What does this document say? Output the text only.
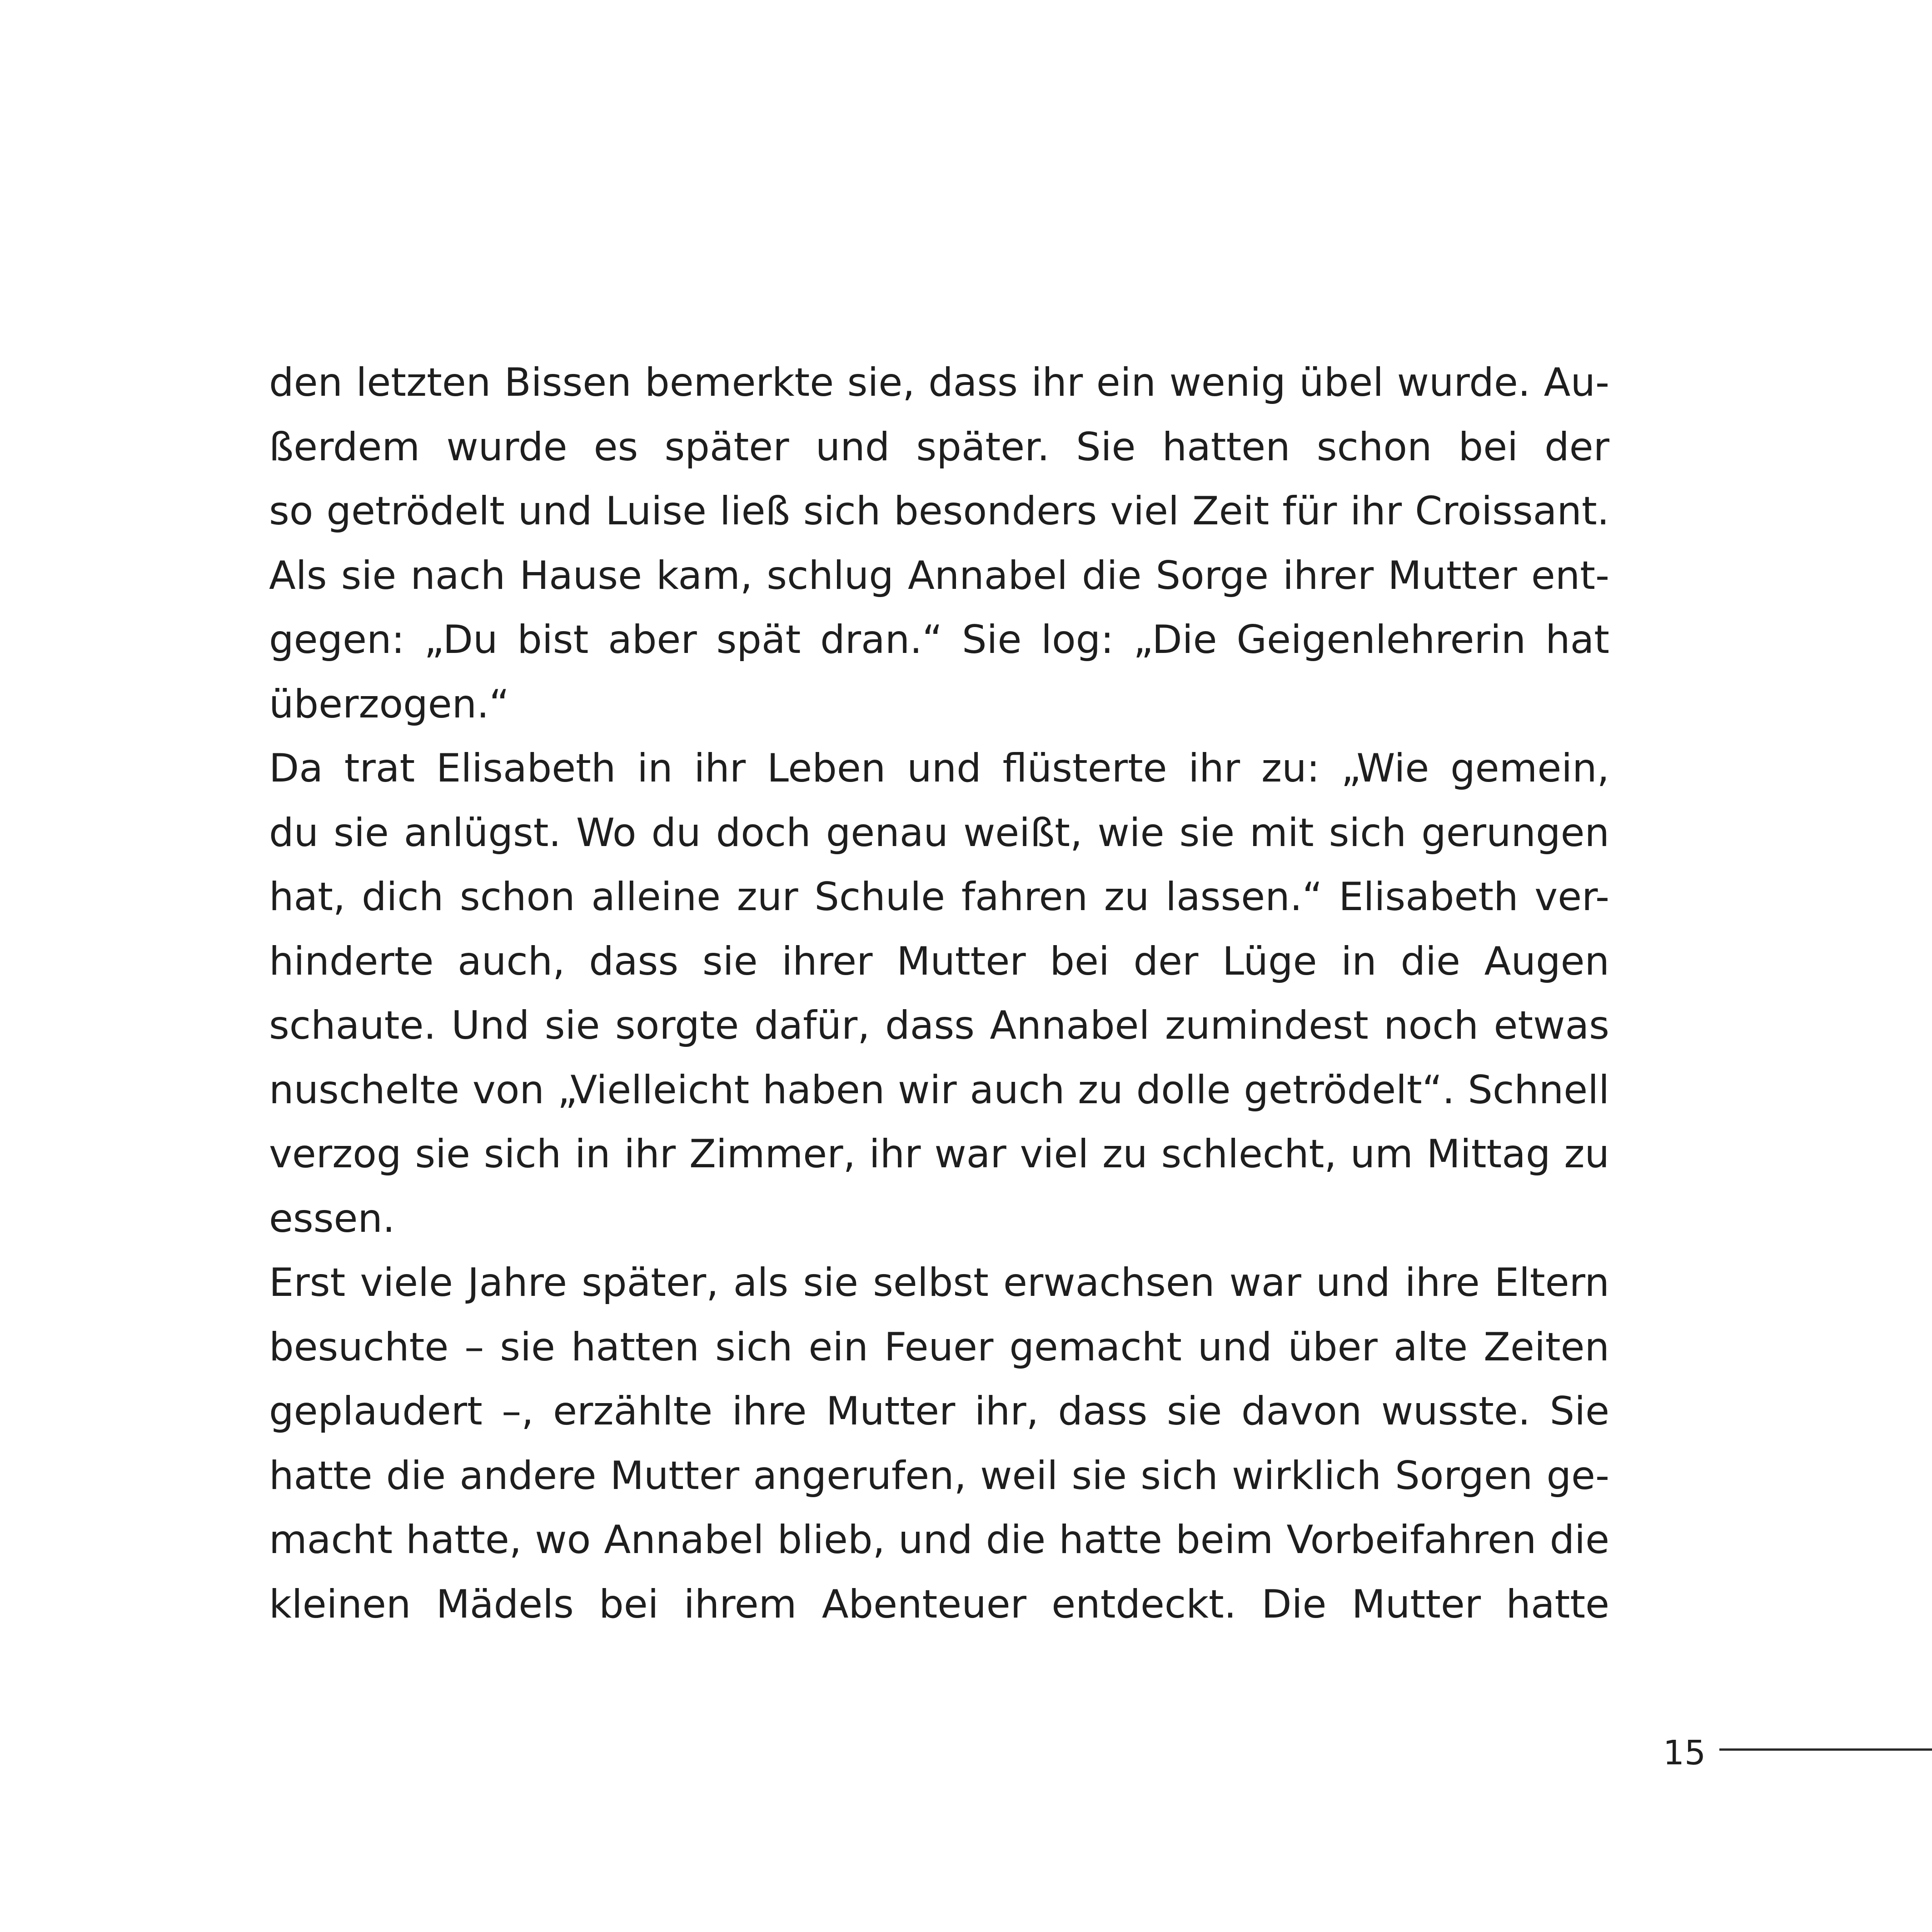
den letzten Bissen bemerkte sie, dass ihr ein wenig übel wurde. Au-
ßerdem wurde es später und später. Sie hatten schon bei der
so getrödelt und Luise ließ sich besonders viel Zeit für ihr Croissant.
Als sie nach Hause kam, schlug Annabel die Sorge ihrer Mutter ent-
gegen: „Du bist aber spät dran.“ Sie log: „Die Geigenlehrerin hat
überzogen.“
Da trat Elisabeth in ihr Leben und flüsterte ihr zu: „Wie gemein,
du sie anlügst. Wo du doch genau weißt, wie sie mit sich gerungen
hat, dich schon alleine zur Schule fahren zu lassen.“ Elisabeth ver-
hinderte auch, dass sie ihrer Mutter bei der Lüge in die Augen
schaute. Und sie sorgte dafür, dass Annabel zumindest noch etwas
nuschelte von „Vielleicht haben wir auch zu dolle getrödelt“. Schnell
verzog sie sich in ihr Zimmer, ihr war viel zu schlecht, um Mittag zu
essen.
Erst viele Jahre später, als sie selbst erwachsen war und ihre Eltern
besuchte – sie hatten sich ein Feuer gemacht und über alte Zeiten
geplaudert –, erzählte ihre Mutter ihr, dass sie davon wusste. Sie
hatte die andere Mutter angerufen, weil sie sich wirklich Sorgen ge-
macht hatte, wo Annabel blieb, und die hatte beim Vorbeifahren die
kleinen Mädels bei ihrem Abenteuer entdeckt. Die Mutter hatte
15
